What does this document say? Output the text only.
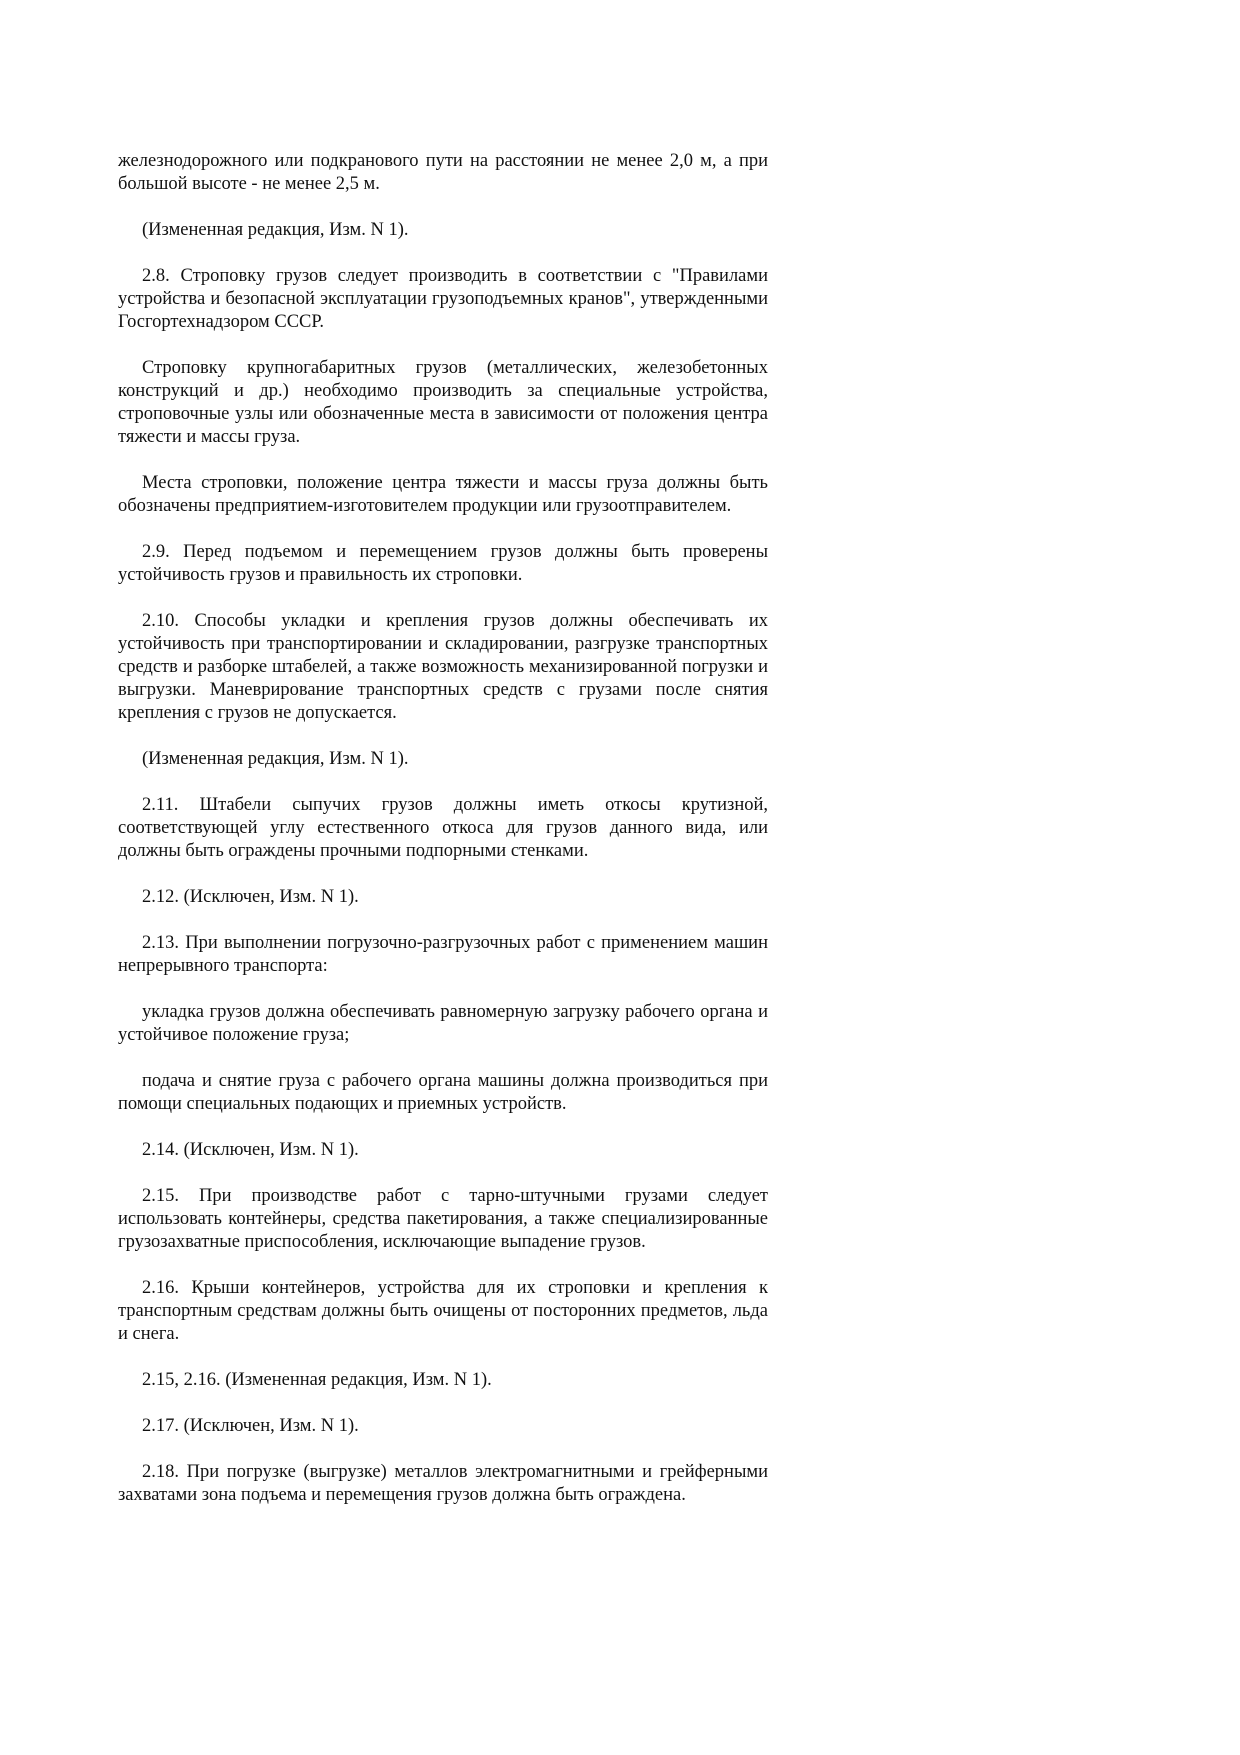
железнодорожного или подкранового пути на расстоянии не менее 2,0 м, а при большой высоте - не менее 2,5 м.

(Измененная редакция, Изм. N 1).

2.8. Строповку грузов следует производить в соответствии с "Правилами устройства и безопасной эксплуатации грузоподъемных кранов", утвержденными Госгортехнадзором СССР.

Строповку крупногабаритных грузов (металлических, железобетонных конструкций и др.) необходимо производить за специальные устройства, строповочные узлы или обозначенные места в зависимости от положения центра тяжести и массы груза.

Места строповки, положение центра тяжести и массы груза должны быть обозначены предприятием-изготовителем продукции или грузоотправителем.

2.9. Перед подъемом и перемещением грузов должны быть проверены устойчивость грузов и правильность их строповки.

2.10. Способы укладки и крепления грузов должны обеспечивать их устойчивость при транспортировании и складировании, разгрузке транспортных средств и разборке штабелей, а также возможность механизированной погрузки и выгрузки. Маневрирование транспортных средств с грузами после снятия крепления с грузов не допускается.

(Измененная редакция, Изм. N 1).

2.11. Штабели сыпучих грузов должны иметь откосы крутизной, соответствующей углу естественного откоса для грузов данного вида, или должны быть ограждены прочными подпорными стенками.

2.12. (Исключен, Изм. N 1).

2.13. При выполнении погрузочно-разгрузочных работ с применением машин непрерывного транспорта:

укладка грузов должна обеспечивать равномерную загрузку рабочего органа и устойчивое положение груза;

подача и снятие груза с рабочего органа машины должна производиться при помощи специальных подающих и приемных устройств.

2.14. (Исключен, Изм. N 1).

2.15. При производстве работ с тарно-штучными грузами следует использовать контейнеры, средства пакетирования, а также специализированные грузозахватные приспособления, исключающие выпадение грузов.

2.16. Крыши контейнеров, устройства для их строповки и крепления к транспортным средствам должны быть очищены от посторонних предметов, льда и снега.

2.15, 2.16. (Измененная редакция, Изм. N 1).

2.17. (Исключен, Изм. N 1).

2.18. При погрузке (выгрузке) металлов электромагнитными и грейферными захватами зона подъема и перемещения грузов должна быть ограждена.
